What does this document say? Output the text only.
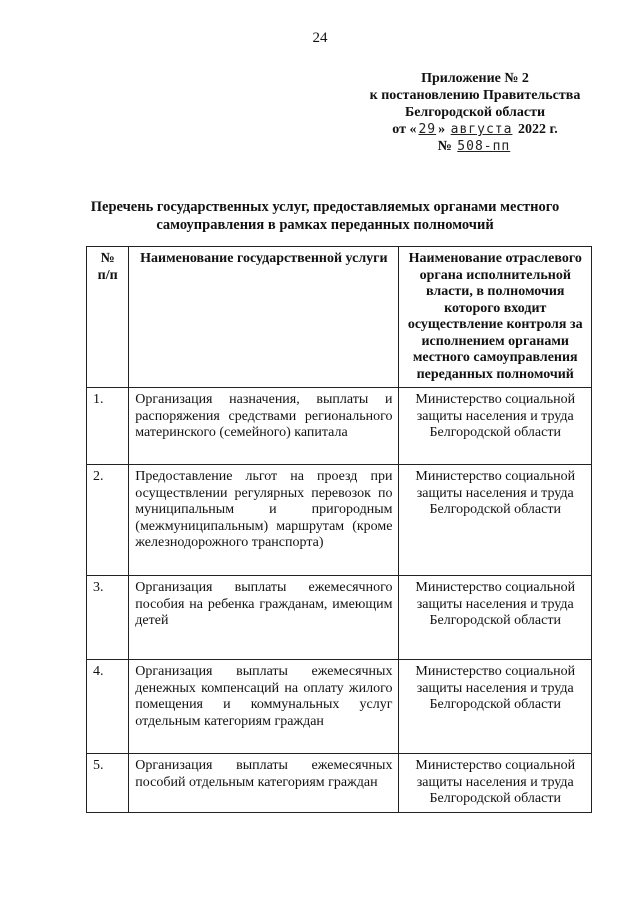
24
Приложение № 2
к постановлению Правительства
Белгородской области
от « 29 » августа 2022 г.
№ 508-пп
Перечень государственных услуг, предоставляемых органами местного самоуправления в рамках переданных полномочий
№ п/п	Наименование государственной услуги	Наименование отраслевого органа исполнительной власти, в полномочия которого входит осуществление контроля за исполнением органами местного самоуправления переданных полномочий
1.	Организация назначения, выплаты и распоряжения средствами регионального материнского (семейного) капитала	Министерство социальной защиты населения и труда Белгородской области
2.	Предоставление льгот на проезд при осуществлении регулярных перевозок по муниципальным и пригородным (межмуниципальным) маршрутам (кроме железнодорожного транспорта)	Министерство социальной защиты населения и труда Белгородской области
3.	Организация выплаты ежемесячного пособия на ребенка гражданам, имеющим детей	Министерство социальной защиты населения и труда Белгородской области
4.	Организация выплаты ежемесячных денежных компенсаций на оплату жилого помещения и коммунальных услуг отдельным категориям граждан	Министерство социальной защиты населения и труда Белгородской области
5.	Организация выплаты ежемесячных пособий отдельным категориям граждан	Министерство социальной защиты населения и труда Белгородской области
